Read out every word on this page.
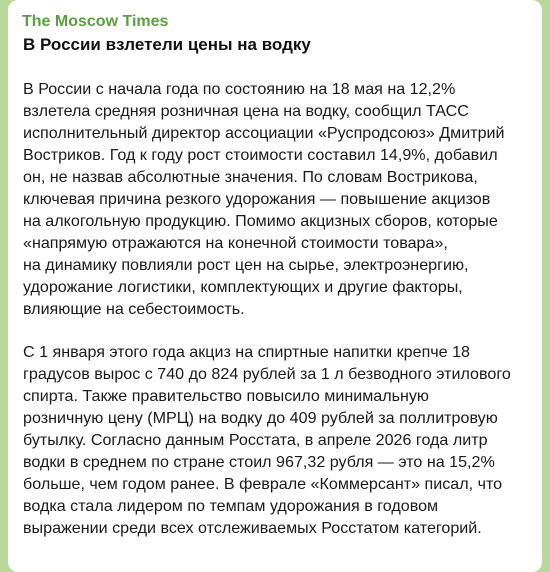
The Moscow Times
В России взлетели цены на водку

В России с начала года по состоянию на 18 мая на 12,2%
взлетела средняя розничная цена на водку, сообщил ТАСС
исполнительный директор ассоциации «Руспродсоюз» Дмитрий
Востриков. Год к году рост стоимости составил 14,9%, добавил
он, не назвав абсолютные значения. По словам Вострикова,
ключевая причина резкого удорожания — повышение акцизов
на алкогольную продукцию. Помимо акцизных сборов, которые
«напрямую отражаются на конечной стоимости товара»,
на динамику повлияли рост цен на сырье, электроэнергию,
удорожание логистики, комплектующих и другие факторы,
влияющие на себестоимость.

С 1 января этого года акциз на спиртные напитки крепче 18
градусов вырос с 740 до 824 рублей за 1 л безводного этилового
спирта. Также правительство повысило минимальную
розничную цену (МРЦ) на водку до 409 рублей за поллитровую
бутылку. Согласно данным Росстата, в апреле 2026 года литр
водки в среднем по стране стоил 967,32 рубля — это на 15,2%
больше, чем годом ранее. В феврале «Коммерсант» писал, что
водка стала лидером по темпам удорожания в годовом
выражении среди всех отслеживаемых Росстатом категорий.
